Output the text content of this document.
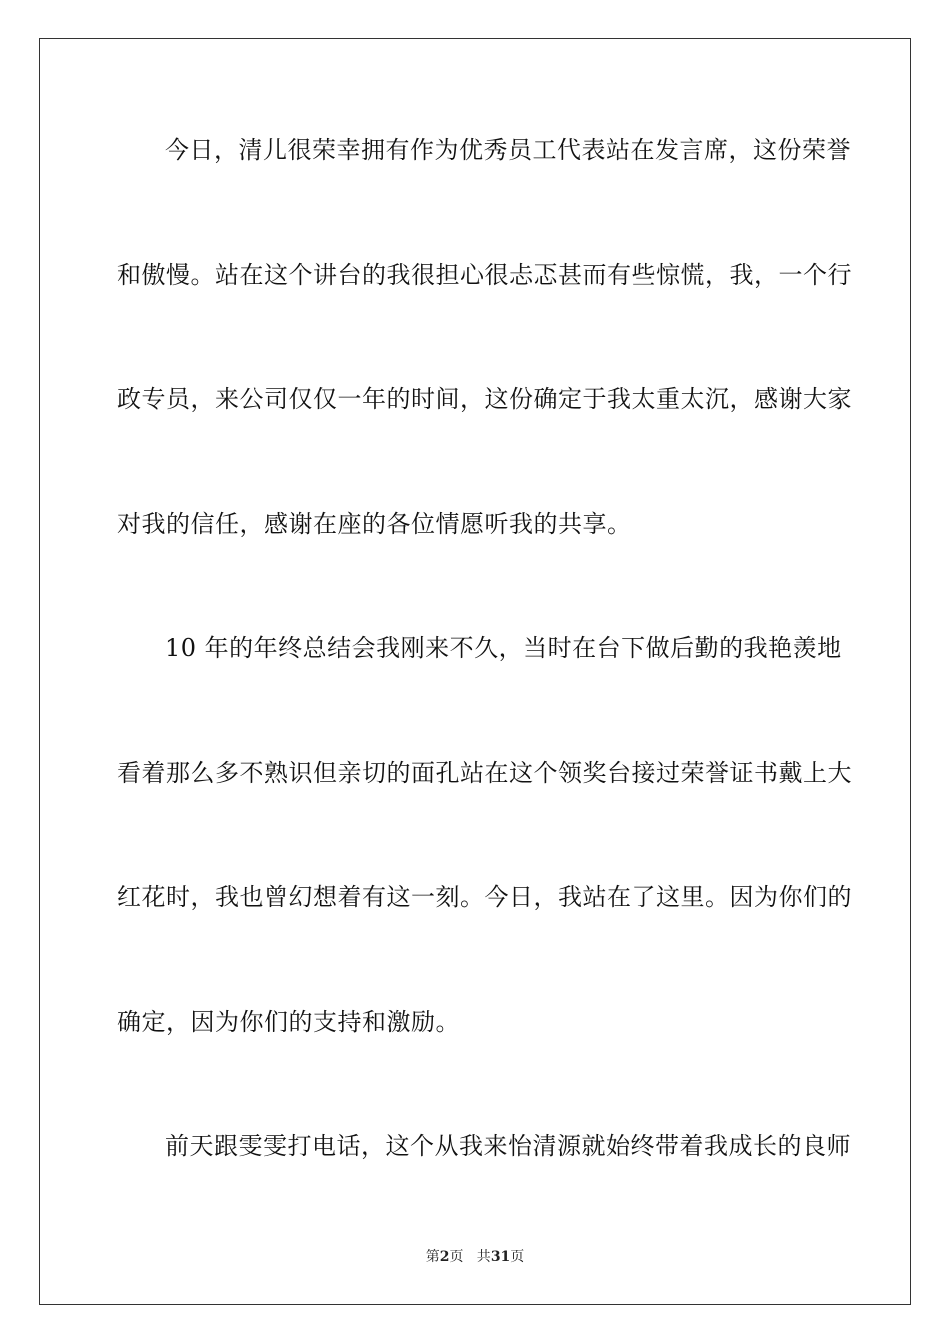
今日，清儿很荣幸拥有作为优秀员工代表站在发言席，这份荣誉
和傲慢。站在这个讲台的我很担心很忐忑甚而有些惊慌，我，一个行
政专员，来公司仅仅一年的时间，这份确定于我太重太沉，感谢大家
对我的信任，感谢在座的各位情愿听我的共享。
10 年的年终总结会我刚来不久，当时在台下做后勤的我艳羡地
看着那么多不熟识但亲切的面孔站在这个领奖台接过荣誉证书戴上大
红花时，我也曾幻想着有这一刻。今日，我站在了这里。因为你们的
确定，因为你们的支持和激励。
前天跟雯雯打电话，这个从我来怡清源就始终带着我成长的良师
第2页   共31页
